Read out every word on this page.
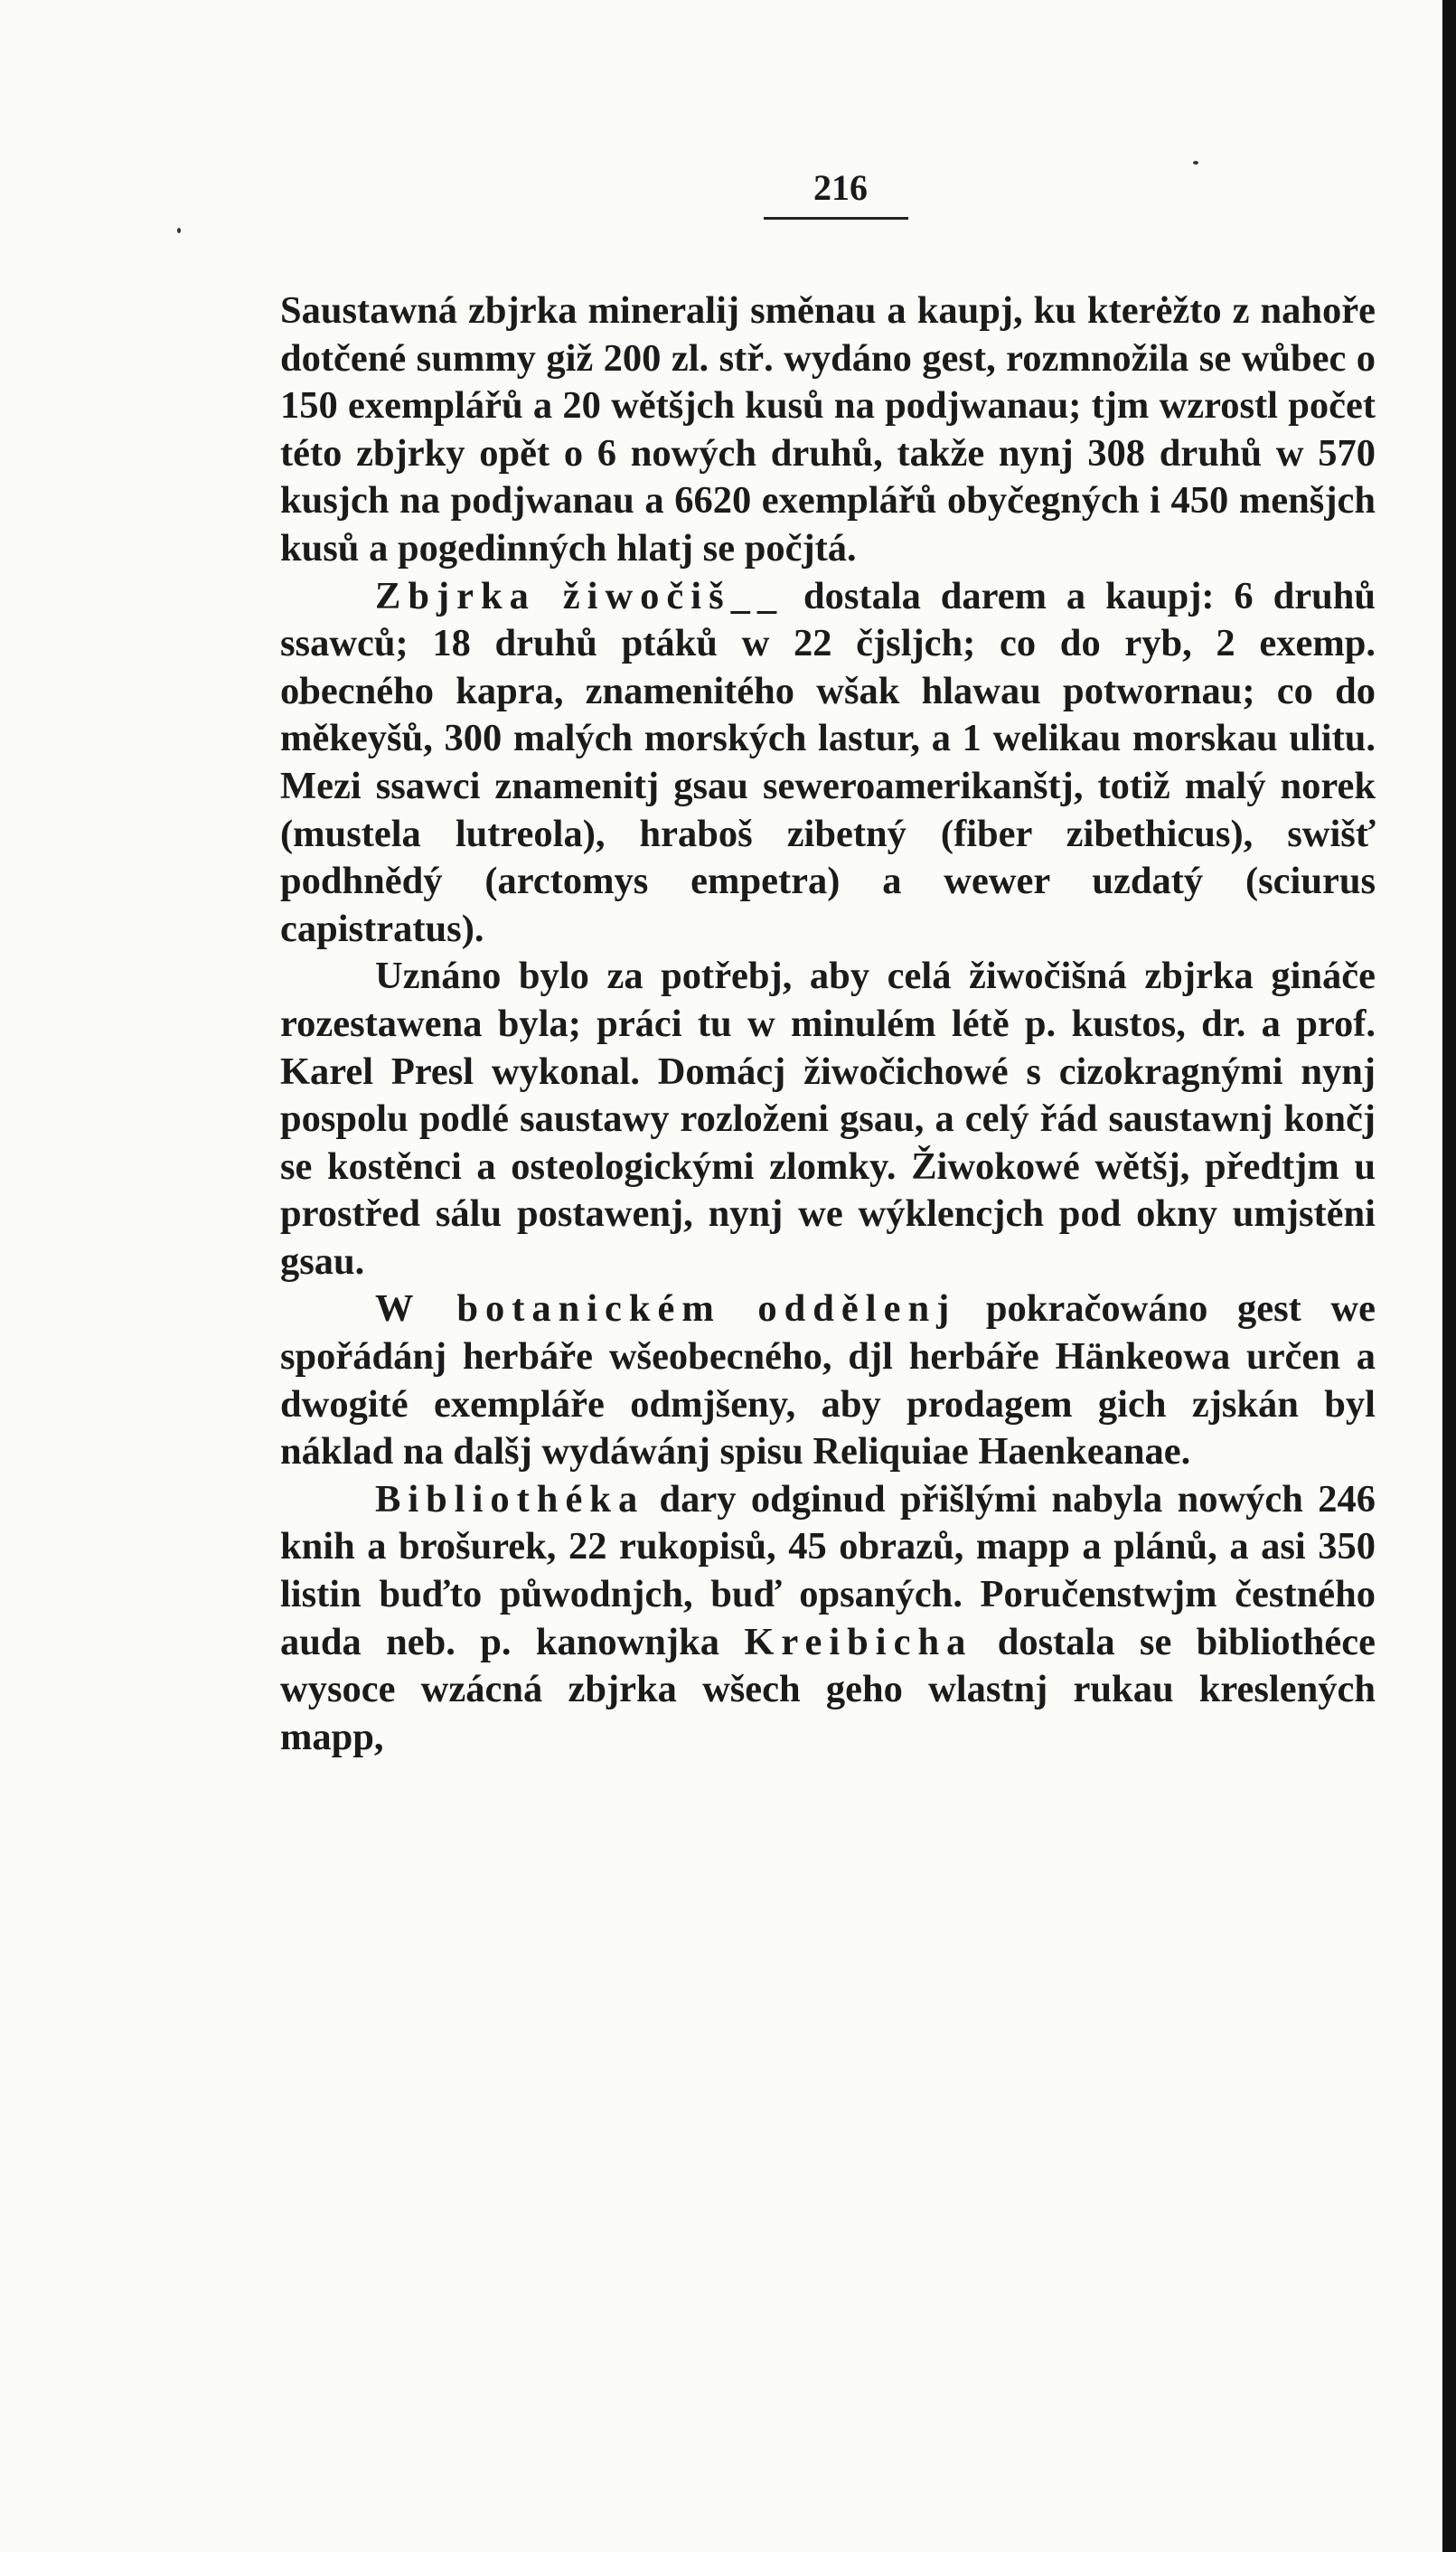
216

Saustawná zbjrka mineralij směnau a kaupj, ku kterėžto z nahoře dotčené summy giž 200 zl. stř. wydáno gest, rozmnožila se wůbec o 150 exemplářů a 20 wětšjch kusů na podjwanau; tjm wzrostl počet této zbjrky opět o 6 nowých druhů, takže nynj 308 druhů w 570 kusjch na podjwanau a 6620 exemplářů obyčegných i 450 menšjch kusů a pogedinných hlatj se počjtá.

Zbjrka žiwočiš__ dostala darem a kaupj: 6 druhů ssawců; 18 druhů ptáků w 22 čjsljch; co do ryb, 2 exemp. obecného kapra, znamenitého wšak hlawau potwornau; co do měkeyšů, 300 malých morských lastur, a 1 welikau morskau ulitu. Mezi ssawci znamenitj gsau seweroamerikanštj, totiž malý norek (mustela lutreola), hraboš zibetný (fiber zibethicus), swišť podhnědý (arctomys empetra) a wewer uzdatý (sciurus capistratus).

Uznáno bylo za potřebj, aby celá žiwočišná zbjrka gináče rozestawena byla; práci tu w minulém létě p. kustos, dr. a prof. Karel Presl wykonal. Domácj žiwočichowé s cizokragnými nynj pospolu podlé saustawy rozloženi gsau, a celý řád saustawnj končj se kostěnci a osteologickými zlomky. Žiwokowé wětšj, předtjm u prostřed sálu postawenj, nynj we wýklencjch pod okny umjstěni gsau.

W botanickém oddělenj pokračowáno gest we spořádánj herbáře wšeobecného, djl herbáře Hänkeowa určen a dwogité exempláře odmjšeny, aby prodagem gich zjskán byl náklad na dalšj wydáwánj spisu Reliquiae Haenkeanae.

Bibliothéka dary odginud přišlými nabyla nowých 246 knih a brošurek, 22 rukopisů, 45 obrazů, mapp a plánů, a asi 350 listin buďto půwodnjch, buď opsaných. Poručenstwjm čestného auda neb. p. kanownjka Kreibicha dostala se bibliothéce wysoce wzácná zbjrka wšech geho wlastnj rukau kreslených mapp,
